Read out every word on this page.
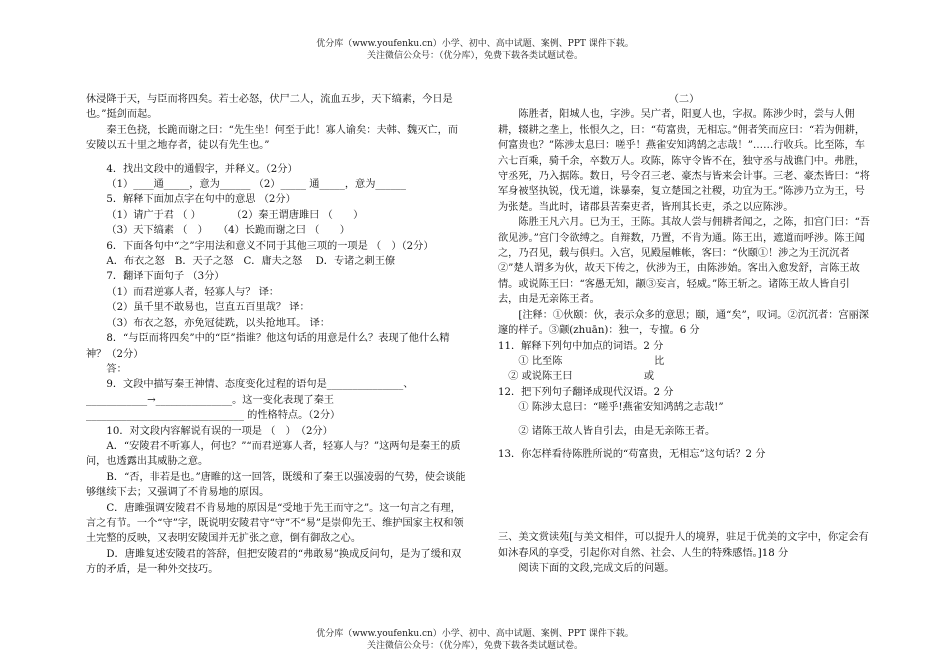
优分库（www.youfenku.cn）小学、初中、高中试题、案例、PPT 课件下载。
关注微信公众号：（优分库），免费下载各类试题试卷。

休浸降于天，与臣而将四矣。若士必怒，伏尸二人，流血五步，天下缟素，今日是也。”挺剑而起。

秦王色挠，长跪而谢之曰：“先生坐！何至于此！寡人谕矣：夫韩、魏灭亡，而安陵以五十里之地存者，徒以有先生也。”

4．找出文段中的通假字，并释义。（2分）

（1）____通_____，意为______ （2）_____ 通_____，意为______

5．解释下面加点字在句中的意思 （2分）

（1）请广于君 （ ）　　　　（2）秦王谓唐雎曰 （　　）

（3）天下缟素 （　）　　（4）长跪而谢之曰 （　　）

6．下面各句中“之”字用法和意义不同于其他三项的一项是 （　）（2分）

A．布衣之怒　B．天子之怒　C．庸夫之怒　 D．专诸之刺王僚

7．翻译下面句子 （3分）

（1）而君逆寡人者，轻寡人与？ 译：

（2）虽千里不敢易也，岂直五百里哉？ 译：

（3）布衣之怒，亦免冠徒跣，以头抢地耳。 译：

8．“与臣而将四矣”中的“臣”指谁？他这句话的用意是什么？表现了他什么精神？（2分）

答：

9．文段中描写秦王神情、态度变化过程的语句是_______________、 ____________→_______________。这一变化表现了秦王_______________________________ 的性格特点。（2分）

10．对文段内容解说有误的一项是 （　）　（2分）

A．“安陵君不听寡人，何也？”“而君逆寡人者，轻寡人与？”这两句是秦王的质问，也透露出其威胁之意。

B．“否，非若是也。”唐睢的这一回答，既缓和了秦王以强凌弱的气势，使会谈能够继续下去；又强调了不肯易地的原因。

C．唐雎强调安陵君不肯易地的原因是“受地于先王而守之”。这一句言之有理，言之有节。一个“守”字，既说明安陵君守“守”不“易”是崇仰先王、维护国家主权和领土完整的反映，又表明安陵国并无扩张之意，倒有御敌之心。

D．唐雎复述安陵君的答辞，但把安陵君的“弗敢易”换成反问句，是为了缓和双方的矛盾，是一种外交技巧。

（二）

陈胜者，阳城人也，字涉。吴广者，阳夏人也，字叔。陈涉少时，尝与人佣耕，辍耕之垄上，怅恨久之，曰：“苟富贵，无相忘。”佣者笑而应曰：“若为佣耕，何富贵也？”陈涉太息曰：嗟乎！燕雀安知鸿鹄之志哉！”……行收兵。比至陈，车六七百乘，骑千余，卒数万人。攻陈，陈守令皆不在，独守丞与战谯门中。弗胜，守丞死，乃入据陈。数日，号令召三老、豪杰与皆来会计事。三老、豪杰皆曰：“将军身被坚执锐，伐无道，诛暴秦，复立楚国之社稷，功宜为王。”陈涉乃立为王，号为张楚。当此时，诸郡县苦秦吏者，皆刑其长吏，杀之以应陈涉。

陈胜王凡六月。已为王，王陈。其故人尝与佣耕者闻之，之陈，扣宫门曰：“吾欲见涉。”宫门令欲缚之。自辩数，乃置，不肯为通。陈王出，遮道而呼涉。陈王闻之，乃召见，载与俱归。入宫，见殿屋帷帐，客曰：“伙颐①！涉之为王沉沉者②”楚人谓多为伙，故天下传之，伙涉为王，由陈涉始。客出入愈发舒，言陈王故情。或说陈王曰：“客愚无知，颛③妄言，轻威。”陈王斩之。诸陈王故人皆自引去，由是无亲陈王者。

[注释：①伙颐：伙，表示众多的意思；颐，通“矣”，叹词。②沉沉者：宫丽深邃的样子。③颛(zhuān)：独一，专擅。6 分

11．解释下列句中加点的词语。2 分

① 比至陈　　　　　　　　　比

② 或说陈王曰　　　　　　　或

12．把下列句子翻译成现代汉语。2 分

① 陈涉太息曰：“嗟乎!燕雀安知鸿鹄之志哉!”

② 诸陈王故人皆自引去，由是无亲陈王者。

13．你怎样看待陈胜所说的“苟富贵，无相忘”这句话？2 分

三、美文赏读苑[与美文相伴，可以提升人的境界，驻足于优美的文字中，你定会有如沐春风的享受，引起你对自然、社会、人生的特殊感悟。]18 分

阅读下面的文段,完成文后的问题。

优分库（www.youfenku.cn）小学、初中、高中试题、案例、PPT 课件下载。
关注微信公众号：（优分库），免费下载各类试题试卷。
